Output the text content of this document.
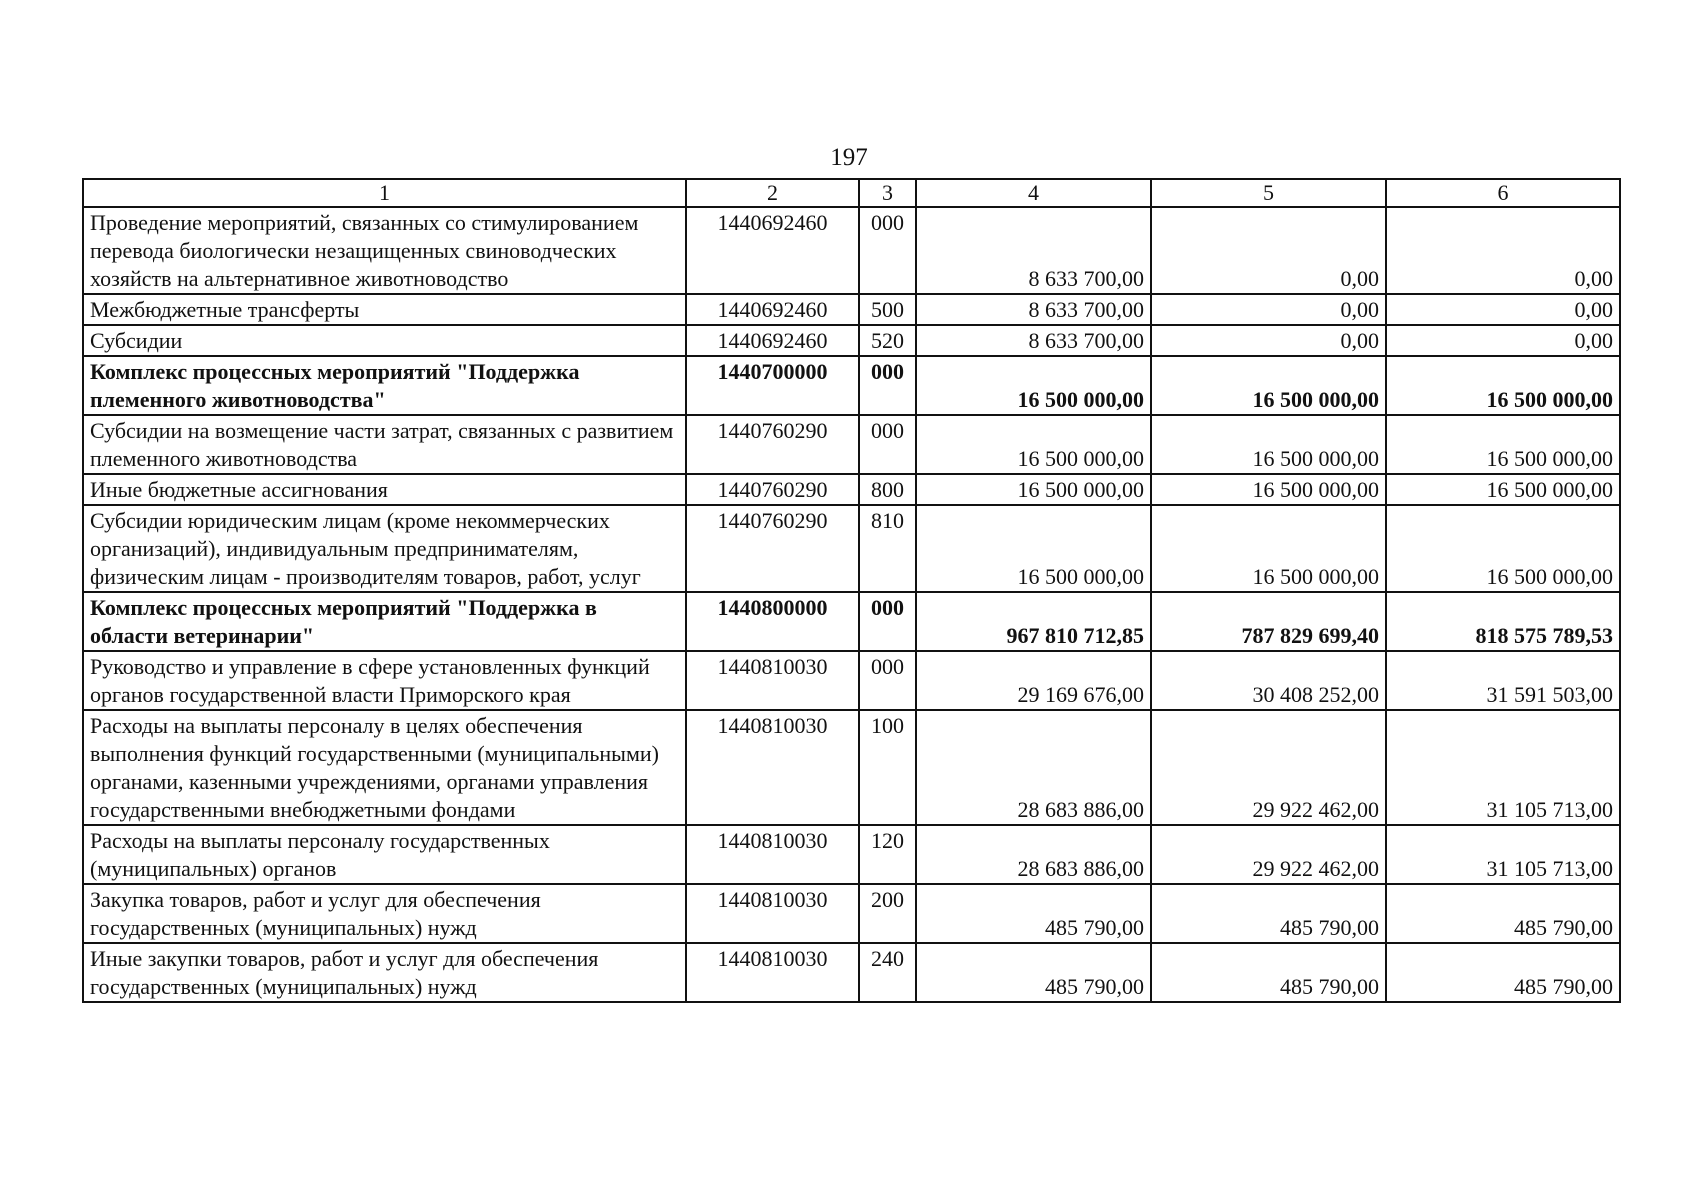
197
1	2	3	4	5	6
Проведение мероприятий, связанных со стимулированием перевода биологически незащищенных свиноводческих хозяйств на альтернативное животноводство	1440692460	000	8 633 700,00	0,00	0,00
Межбюджетные трансферты	1440692460	500	8 633 700,00	0,00	0,00
Субсидии	1440692460	520	8 633 700,00	0,00	0,00
Комплекс процессных мероприятий "Поддержка племенного животноводства"	1440700000	000	16 500 000,00	16 500 000,00	16 500 000,00
Субсидии на возмещение части затрат, связанных с развитием племенного животноводства	1440760290	000	16 500 000,00	16 500 000,00	16 500 000,00
Иные бюджетные ассигнования	1440760290	800	16 500 000,00	16 500 000,00	16 500 000,00
Субсидии юридическим лицам (кроме некоммерческих организаций), индивидуальным предпринимателям, физическим лицам - производителям товаров, работ, услуг	1440760290	810	16 500 000,00	16 500 000,00	16 500 000,00
Комплекс процессных мероприятий "Поддержка в области ветеринарии"	1440800000	000	967 810 712,85	787 829 699,40	818 575 789,53
Руководство и управление в сфере установленных функций органов государственной власти Приморского края	1440810030	000	29 169 676,00	30 408 252,00	31 591 503,00
Расходы на выплаты персоналу в целях обеспечения выполнения функций государственными (муниципальными) органами, казенными учреждениями, органами управления государственными внебюджетными фондами	1440810030	100	28 683 886,00	29 922 462,00	31 105 713,00
Расходы на выплаты персоналу государственных (муниципальных) органов	1440810030	120	28 683 886,00	29 922 462,00	31 105 713,00
Закупка товаров, работ и услуг для обеспечения государственных (муниципальных) нужд	1440810030	200	485 790,00	485 790,00	485 790,00
Иные закупки товаров, работ и услуг для обеспечения государственных (муниципальных) нужд	1440810030	240	485 790,00	485 790,00	485 790,00
